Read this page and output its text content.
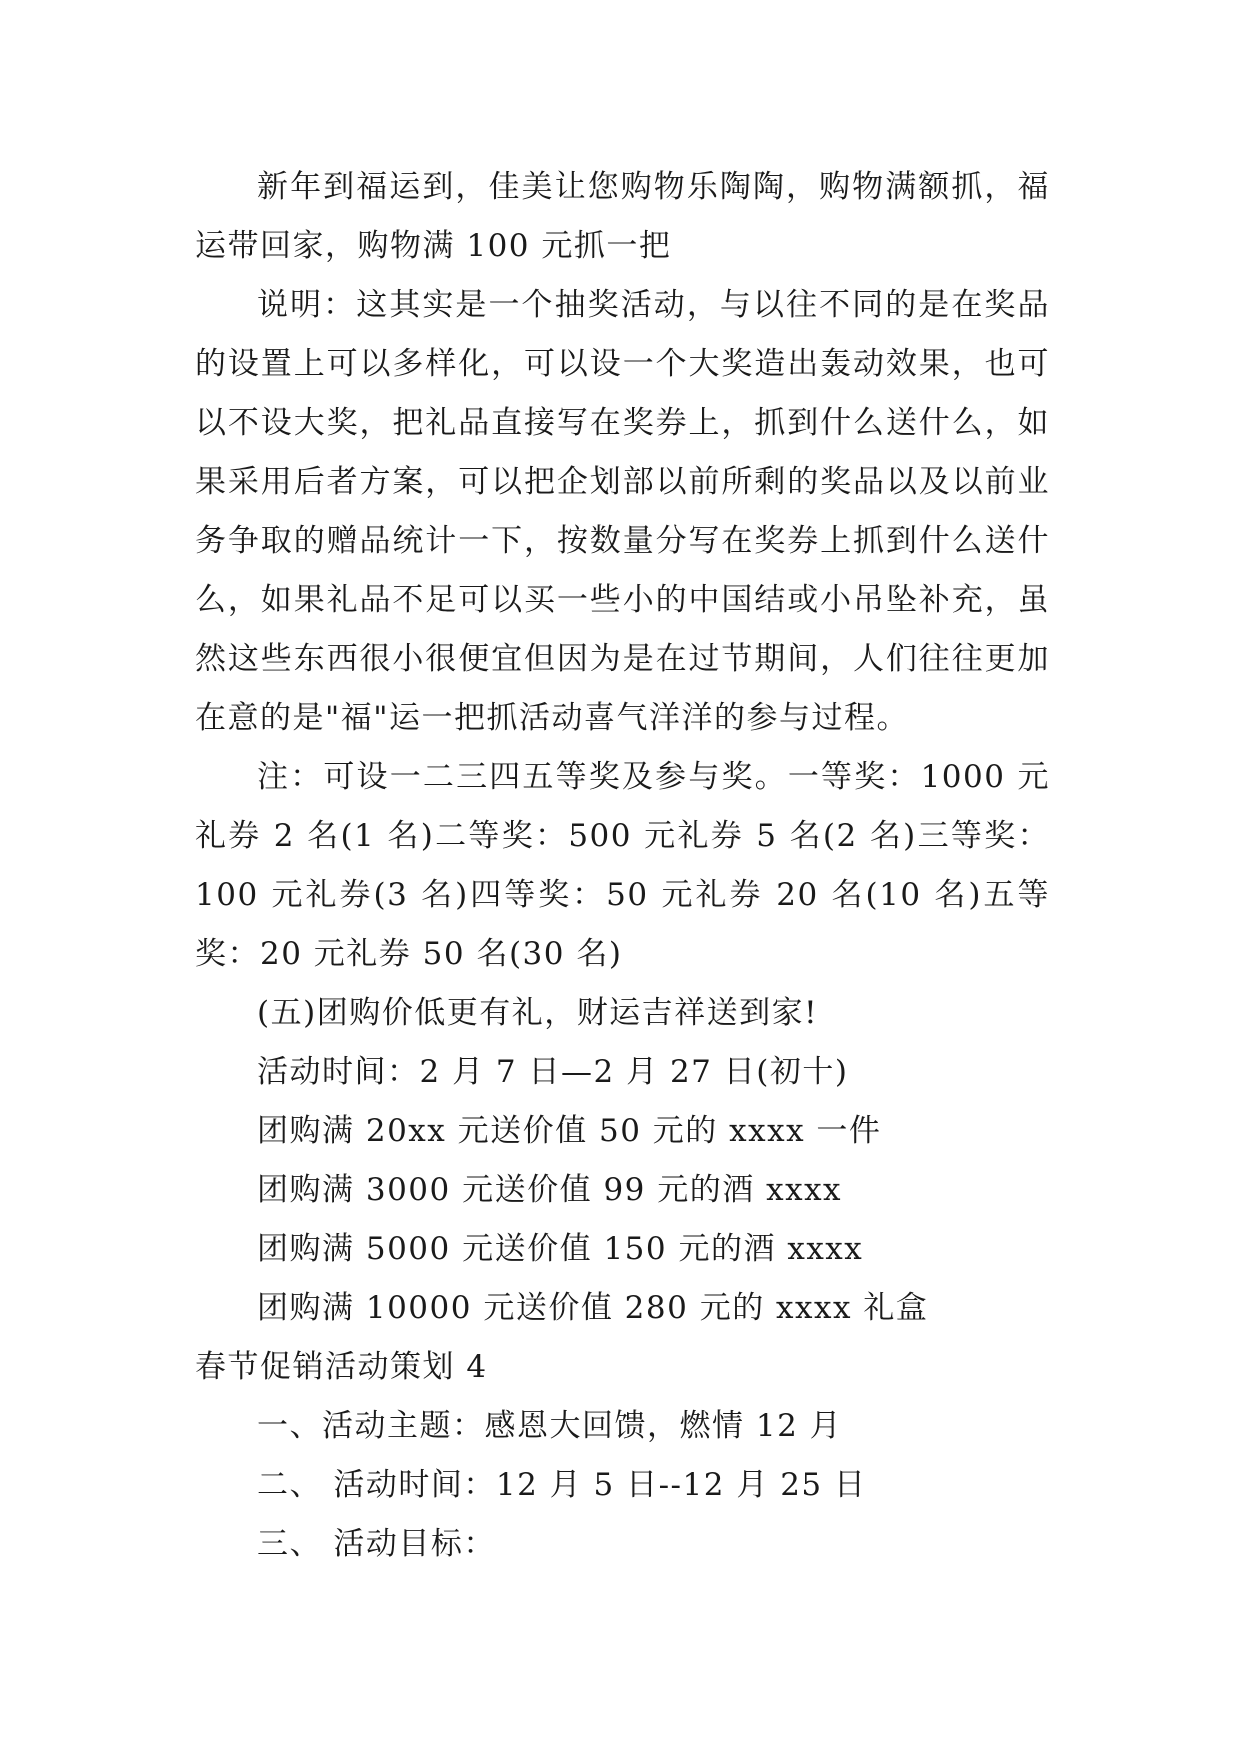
新年到福运到，佳美让您购物乐陶陶，购物满额抓，福运带回家，购物满 100 元抓一把

说明：这其实是一个抽奖活动，与以往不同的是在奖品的设置上可以多样化，可以设一个大奖造出轰动效果，也可以不设大奖，把礼品直接写在奖券上，抓到什么送什么，如果采用后者方案，可以把企划部以前所剩的奖品以及以前业务争取的赠品统计一下，按数量分写在奖券上抓到什么送什么，如果礼品不足可以买一些小的中国结或小吊坠补充，虽然这些东西很小很便宜但因为是在过节期间，人们往往更加在意的是"福"运一把抓活动喜气洋洋的参与过程。

注：可设一二三四五等奖及参与奖。一等奖：1000 元礼券 2 名(1 名)二等奖：500 元礼券 5 名(2 名)三等奖：100 元礼券(3 名)四等奖：50 元礼券 20 名(10 名)五等奖：20 元礼券 50 名(30 名)

(五)团购价低更有礼，财运吉祥送到家!

活动时间：2 月 7 日—2 月 27 日(初十)

团购满 20xx 元送价值 50 元的 xxxx 一件

团购满 3000 元送价值 99 元的酒 xxxx

团购满 5000 元送价值 150 元的酒 xxxx

团购满 10000 元送价值 280 元的 xxxx 礼盒

春节促销活动策划 4

一、活动主题：感恩大回馈，燃情 12 月

二、 活动时间：12 月 5 日--12 月 25 日

三、 活动目标：
